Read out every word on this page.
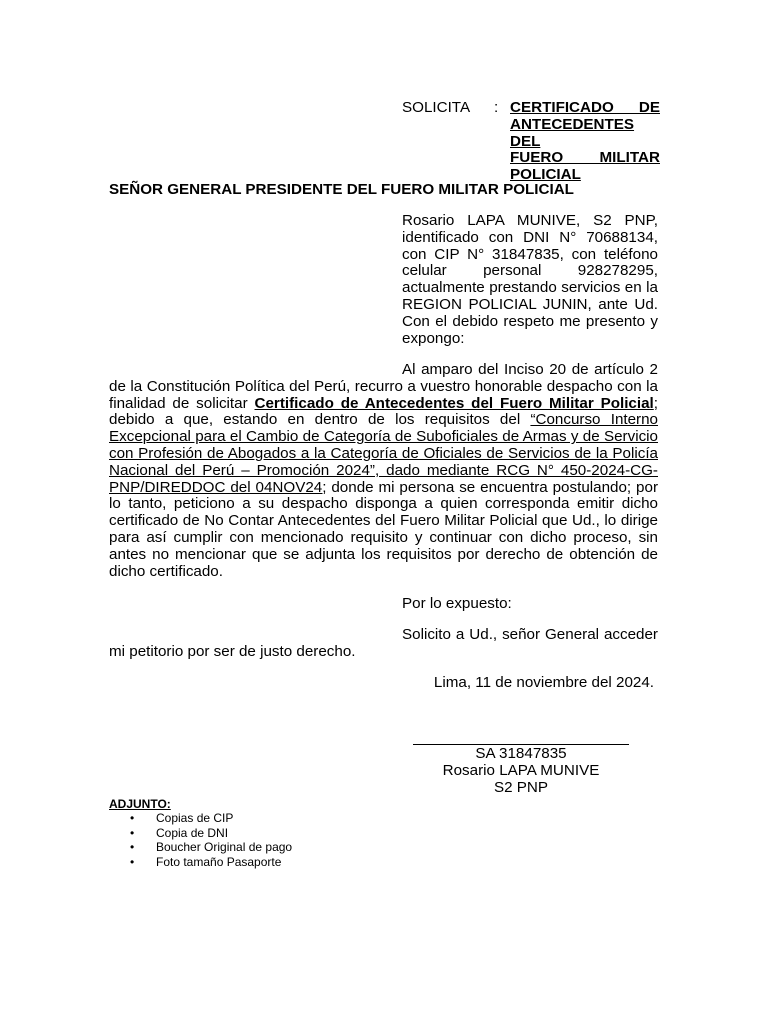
SOLICITA : CERTIFICADO DE
ANTECEDENTES DEL
FUERO MILITAR
POLICIAL
SEÑOR GENERAL PRESIDENTE DEL FUERO MILITAR POLICIAL
Rosario LAPA MUNIVE, S2 PNP, identificado con DNI N° 70688134, con CIP N° 31847835, con teléfono celular personal 928278295, actualmente prestando servicios en la REGION POLICIAL JUNIN, ante Ud. Con el debido respeto me presento y expongo:

Al amparo del Inciso 20 de artículo 2 de la Constitución Política del Perú, recurro a vuestro honorable despacho con la finalidad de solicitar Certificado de Antecedentes del Fuero Militar Policial; debido a que, estando en dentro de los requisitos del “Concurso Interno Excepcional para el Cambio de Categoría de Suboficiales de Armas y de Servicio con Profesión de Abogados a la Categoría de Oficiales de Servicios de la Policía Nacional del Perú – Promoción 2024”, dado mediante RCG N° 450-2024-CG-PNP/DIREDDOC del 04NOV24; donde mi persona se encuentra postulando; por lo tanto, peticiono a su despacho disponga a quien corresponda emitir dicho certificado de No Contar Antecedentes del Fuero Militar Policial que Ud., lo dirige para así cumplir con mencionado requisito y continuar con dicho proceso, sin antes no mencionar que se adjunta los requisitos por derecho de obtención de dicho certificado.

Por lo expuesto:

Solicito a Ud., señor General acceder mi petitorio por ser de justo derecho.

Lima, 11 de noviembre del 2024.
SA 31847835
Rosario LAPA MUNIVE
S2 PNP
ADJUNTO:
• Copias de CIP
• Copia de DNI
• Boucher Original de pago
• Foto tamaño Pasaporte
